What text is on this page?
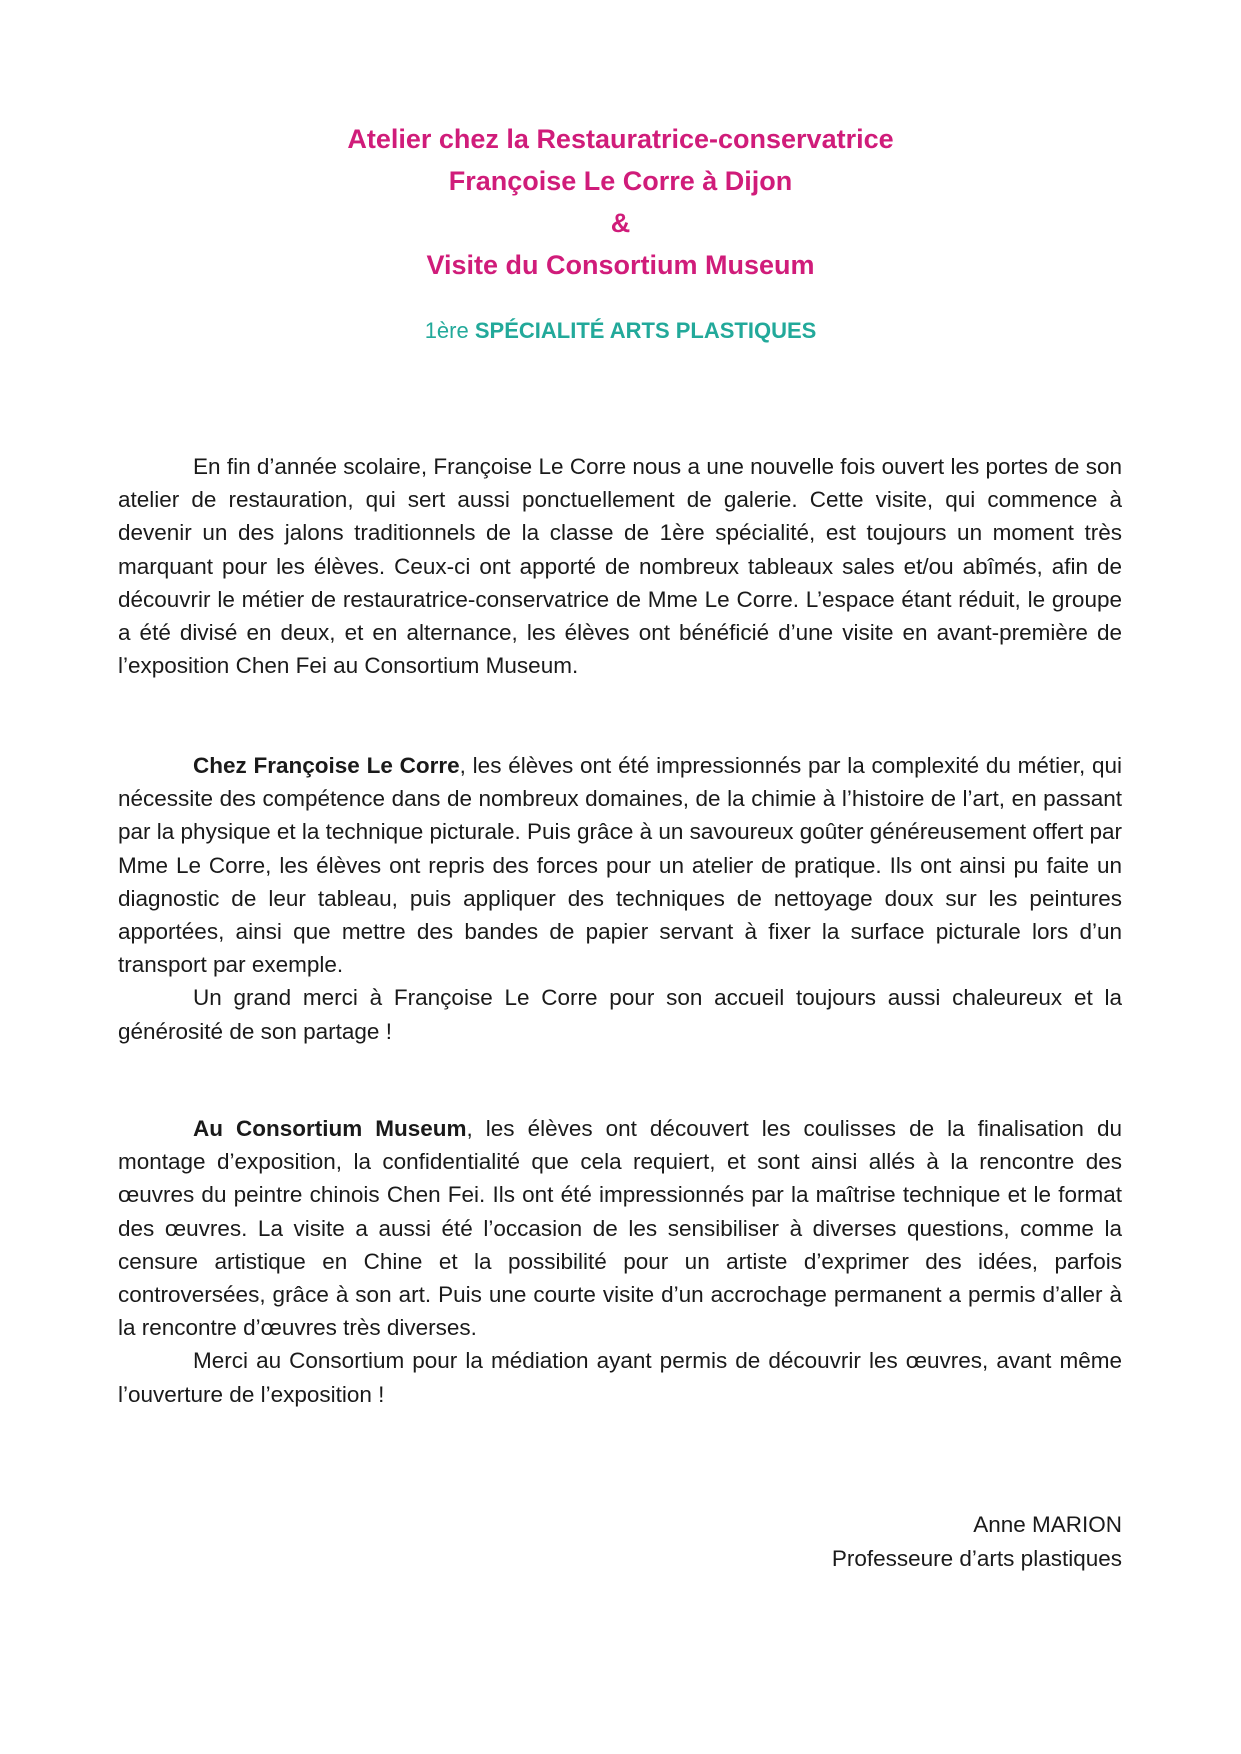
Atelier chez la Restauratrice-conservatrice
Françoise Le Corre à Dijon
&
Visite du Consortium Museum
1ère SPÉCIALITÉ ARTS PLASTIQUES

En fin d’année scolaire, Françoise Le Corre nous a une nouvelle fois ouvert les portes de son atelier de restauration, qui sert aussi ponctuellement de galerie. Cette visite, qui commence à devenir un des jalons traditionnels de la classe de 1ère spécialité, est toujours un moment très marquant pour les élèves. Ceux-ci ont apporté de nombreux tableaux sales et/ou abîmés, afin de découvrir le métier de restauratrice-conservatrice de Mme Le Corre. L’espace étant réduit, le groupe a été divisé en deux, et en alternance, les élèves ont bénéficié d’une visite en avant-première de l’exposition Chen Fei au Consortium Museum.

Chez Françoise Le Corre, les élèves ont été impressionnés par la complexité du métier, qui nécessite des compétence dans de nombreux domaines, de la chimie à l’histoire de l’art, en passant par la physique et la technique picturale. Puis grâce à un savoureux goûter généreusement offert par Mme Le Corre, les élèves ont repris des forces pour un atelier de pratique. Ils ont ainsi pu faite un diagnostic de leur tableau, puis appliquer des techniques de nettoyage doux sur les peintures apportées, ainsi que mettre des bandes de papier servant à fixer la surface picturale lors d’un transport par exemple.

Un grand merci à Françoise Le Corre pour son accueil toujours aussi chaleureux et la générosité de son partage !

Au Consortium Museum, les élèves ont découvert les coulisses de la finalisation du montage d’exposition, la confidentialité que cela requiert, et sont ainsi allés à la rencontre des œuvres du peintre chinois Chen Fei. Ils ont été impressionnés par la maîtrise technique et le format des œuvres. La visite a aussi été l’occasion de les sensibiliser à diverses questions, comme la censure artistique en Chine et la possibilité pour un artiste d’exprimer des idées, parfois controversées, grâce à son art. Puis une courte visite d’un accrochage permanent a permis d’aller à la rencontre d’œuvres très diverses.

Merci au Consortium pour la médiation ayant permis de découvrir les œuvres, avant même l’ouverture de l’exposition !

Anne MARION
Professeure d’arts plastiques
